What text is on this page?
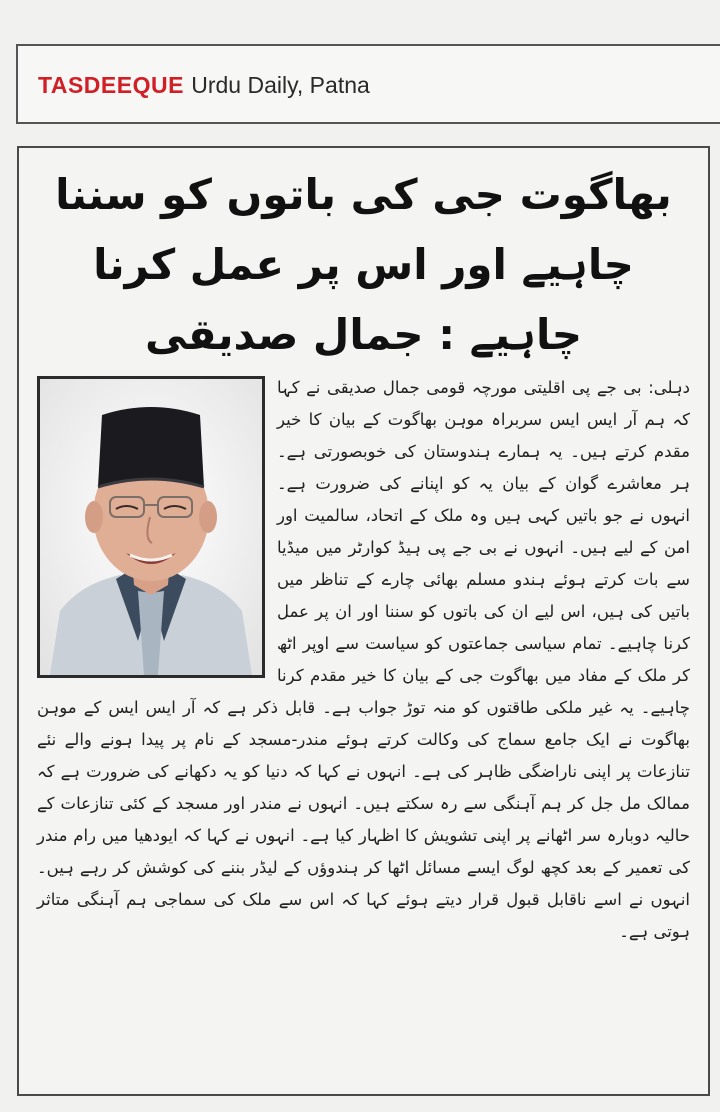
TASDEEQUE Urdu Daily, Patna
بھاگوت جی کی باتوں کو سننا چاہیے اور اس پر عمل کرنا چاہیے : جمال صدیقی

دہلی: بی جے پی اقلیتی مورچہ قومی جمال صدیقی نے کہا کہ ہم آر ایس ایس سربراہ موہن بھاگوت کے بیان کا خیر مقدم کرتے ہیں۔ یہ ہمارے ہندوستان کی خوبصورتی ہے۔ ہر معاشرے گوان کے بیان یہ کو اپنانے کی ضرورت ہے۔ انہوں نے جو باتیں کہی ہیں وہ ملک کے اتحاد، سالمیت اور امن کے لیے ہیں۔ انہوں نے بی جے پی ہیڈ کوارٹر میں میڈیا سے بات کرتے ہوئے ہندو مسلم بھائی چارے کے تناظر میں باتیں کی ہیں، اس لیے ان کی باتوں کو سننا اور ان پر عمل کرنا چاہیے۔ تمام سیاسی جماعتوں کو سیاست سے اوپر اٹھ کر ملک کے مفاد میں بھاگوت جی کے بیان کا خیر مقدم کرنا چاہیے۔ یہ غیر ملکی طاقتوں کو منہ توڑ جواب ہے۔ قابل ذکر ہے کہ آر ایس ایس کے موہن بھاگوت نے ایک جامع سماج کی وکالت کرتے ہوئے مندر-مسجد کے نام پر پیدا ہونے والے نئے تنازعات پر اپنی ناراضگی ظاہر کی ہے۔ انہوں نے کہا کہ دنیا کو یہ دکھانے کی ضرورت ہے کہ ممالک مل جل کر ہم آہنگی سے رہ سکتے ہیں۔ انہوں نے مندر اور مسجد کے کئی تنازعات کے حالیہ دوبارہ سر اٹھانے پر اپنی تشویش کا اظہار کیا ہے۔ انہوں نے کہا کہ ایودھیا میں رام مندر کی تعمیر کے بعد کچھ لوگ ایسے مسائل اٹھا کر ہندوؤں کے لیڈر بننے کی کوشش کر رہے ہیں۔ انہوں نے اسے ناقابل قبول قرار دیتے ہوئے کہا کہ اس سے ملک کی سماجی ہم آہنگی متاثر ہوتی ہے۔
